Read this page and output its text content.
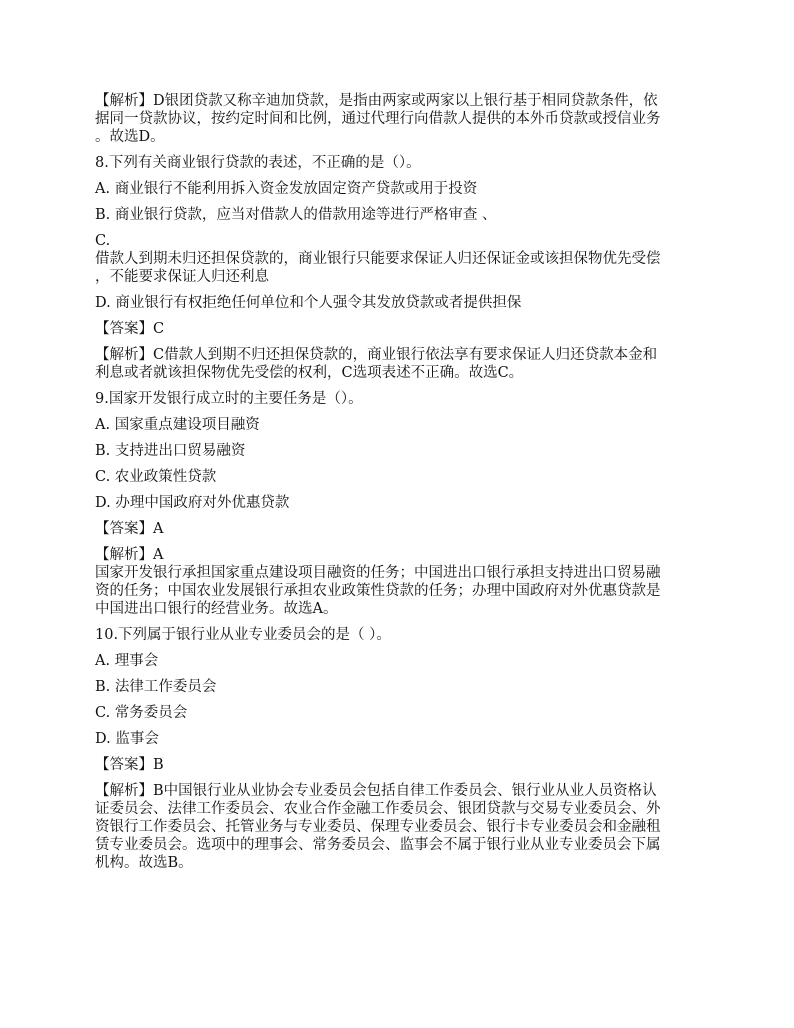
【解析】D银团贷款又称辛迪加贷款，是指由两家或两家以上银行基于相同贷款条件，依
据同一贷款协议，按约定时间和比例，通过代理行向借款人提供的本外币贷款或授信业务
。故选D。
8.下列有关商业银行贷款的表述，不正确的是（）。
A. 商业银行不能利用拆入资金发放固定资产贷款或用于投资
B. 商业银行贷款，应当对借款人的借款用途等进行严格审查 、
C.
借款人到期未归还担保贷款的，商业银行只能要求保证人归还保证金或该担保物优先受偿
，不能要求保证人归还利息
D. 商业银行有权拒绝任何单位和个人强令其发放贷款或者提供担保
【答案】C
【解析】C借款人到期不归还担保贷款的，商业银行依法享有要求保证人归还贷款本金和
利息或者就该担保物优先受偿的权利，C选项表述不正确。故选C。
9.国家开发银行成立时的主要任务是（）。
A. 国家重点建设项目融资
B. 支持进出口贸易融资
C. 农业政策性贷款
D. 办理中国政府对外优惠贷款
【答案】A
【解析】A
国家开发银行承担国家重点建设项目融资的任务；中国进出口银行承担支持进出口贸易融
资的任务；中国农业发展银行承担农业政策性贷款的任务；办理中国政府对外优惠贷款是
中国进出口银行的经营业务。故选A。
10.下列属于银行业从业专业委员会的是（ ）。
A. 理事会
B. 法律工作委员会
C. 常务委员会
D. 监事会
【答案】B
【解析】B中国银行业从业协会专业委员会包括自律工作委员会、银行业从业人员资格认
证委员会、法律工作委员会、农业合作金融工作委员会、银团贷款与交易专业委员会、外
资银行工作委员会、托管业务与专业委员、保理专业委员会、银行卡专业委员会和金融租
赁专业委员会。选项中的理事会、常务委员会、监事会不属于银行业从业专业委员会下属
机构。故选B。
